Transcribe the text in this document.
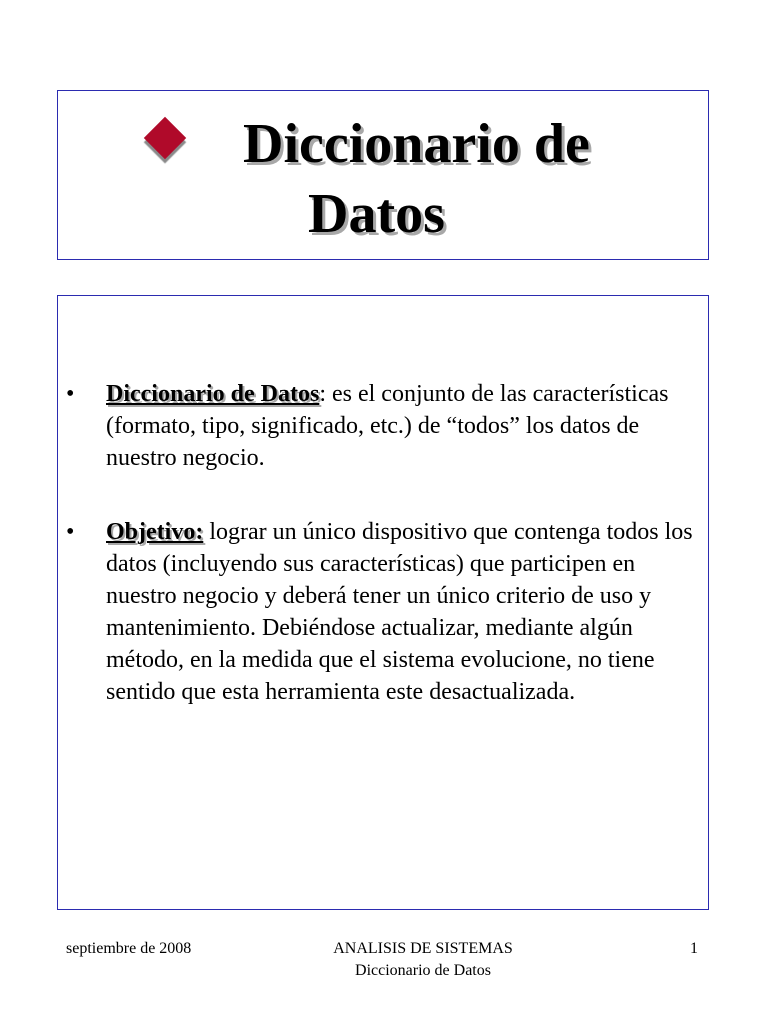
Diccionario de
Datos
• Diccionario de Datos: es el conjunto de las características (formato, tipo, significado, etc.) de “todos” los datos de nuestro negocio.

• Objetivo: lograr un único dispositivo que contenga todos los datos (incluyendo sus características) que participen en nuestro negocio y deberá tener un único criterio de uso y mantenimiento. Debiéndose actualizar, mediante algún método, en la medida que el sistema evolucione, no tiene sentido que esta herramienta este desactualizada.

septiembre de 2008	ANALISIS DE SISTEMAS
Diccionario de Datos
1
